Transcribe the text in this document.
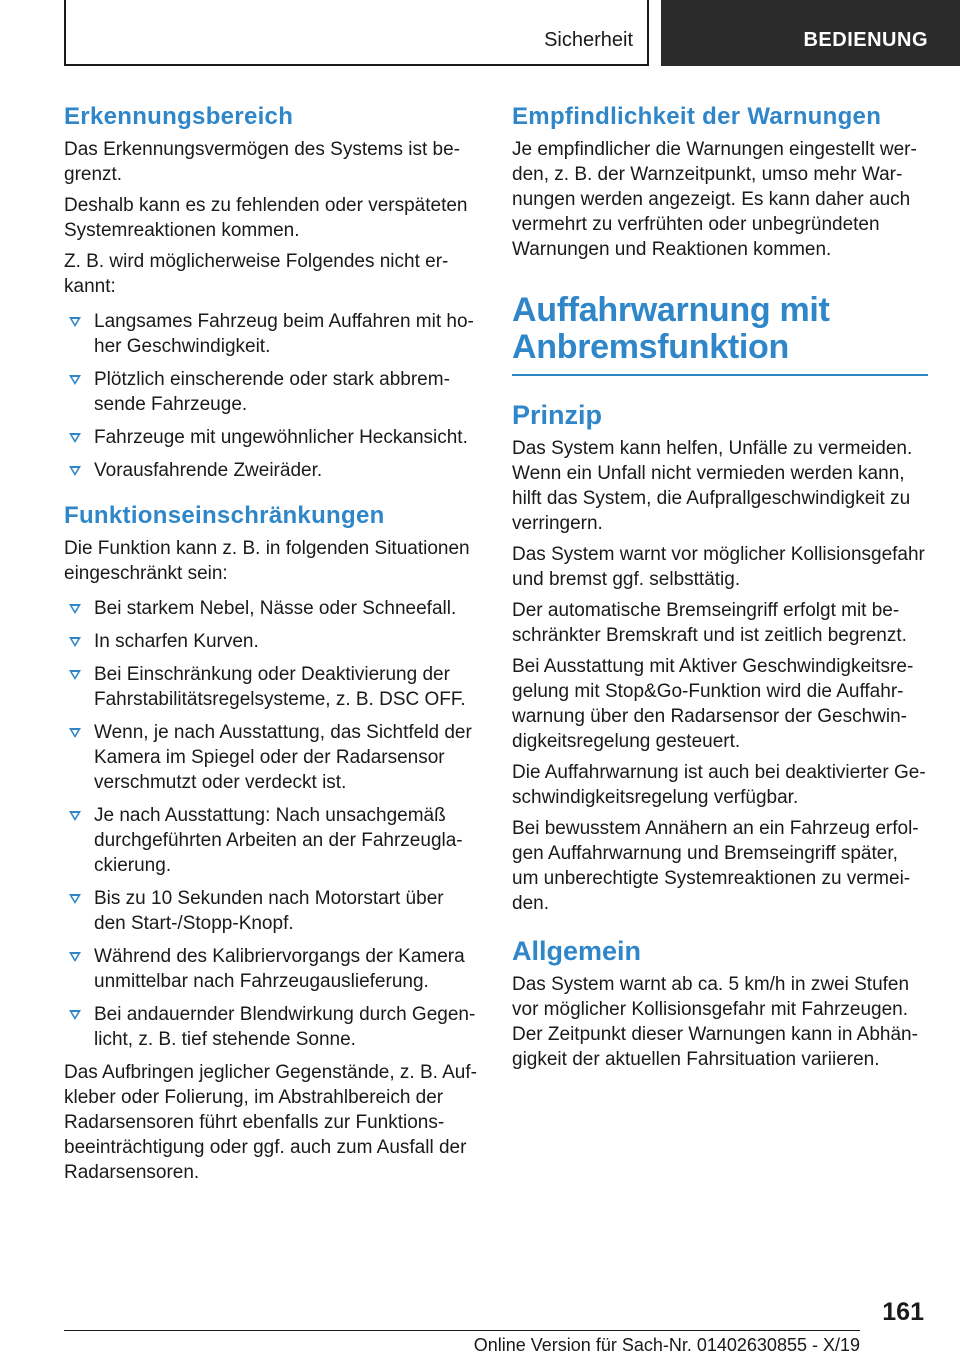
Sicherheit	BEDIENUNG
Erkennungsbereich

Das Erkennungsvermögen des Systems ist be-
grenzt.

Deshalb kann es zu fehlenden oder verspäteten
Systemreaktionen kommen.

Z. B. wird möglicherweise Folgendes nicht er-
kannt:

Langsames Fahrzeug beim Auffahren mit ho-
her Geschwindigkeit.
Plötzlich einscherende oder stark abbrem-
sende Fahrzeuge.
Fahrzeuge mit ungewöhnlicher Heckansicht.
Vorausfahrende Zweiräder.
Funktionseinschränkungen

Die Funktion kann z. B. in folgenden Situationen
eingeschränkt sein:

Bei starkem Nebel, Nässe oder Schneefall.
In scharfen Kurven.
Bei Einschränkung oder Deaktivierung der
Fahrstabilitätsregelsysteme, z. B. DSC OFF.
Wenn, je nach Ausstattung, das Sichtfeld der
Kamera im Spiegel oder der Radarsensor
verschmutzt oder verdeckt ist.
Je nach Ausstattung: Nach unsachgemäß
durchgeführten Arbeiten an der Fahrzeugla-
ckierung.
Bis zu 10 Sekunden nach Motorstart über
den Start-/Stopp-Knopf.
Während des Kalibriervorgangs der Kamera
unmittelbar nach Fahrzeugauslieferung.
Bei andauernder Blendwirkung durch Gegen-
licht, z. B. tief stehende Sonne.

Das Aufbringen jeglicher Gegenstände, z. B. Auf-
kleber oder Folierung, im Abstrahlbereich der
Radarsensoren führt ebenfalls zur Funktions-
beeinträchtigung oder ggf. auch zum Ausfall der
Radarsensoren.

Empfindlichkeit der Warnungen

Je empfindlicher die Warnungen eingestellt wer-
den, z. B. der Warnzeitpunkt, umso mehr War-
nungen werden angezeigt. Es kann daher auch
vermehrt zu verfrühten oder unbegründeten
Warnungen und Reaktionen kommen.

Auffahrwarnung mit
Anbremsfunktion
Prinzip

Das System kann helfen, Unfälle zu vermeiden.
Wenn ein Unfall nicht vermieden werden kann,
hilft das System, die Aufprallgeschwindigkeit zu
verringern.

Das System warnt vor möglicher Kollisionsgefahr
und bremst ggf. selbsttätig.

Der automatische Bremseingriff erfolgt mit be-
schränkter Bremskraft und ist zeitlich begrenzt.

Bei Ausstattung mit Aktiver Geschwindigkeitsre-
gelung mit Stop&Go-Funktion wird die Auffahr-
warnung über den Radarsensor der Geschwin-
digkeitsregelung gesteuert.

Die Auffahrwarnung ist auch bei deaktivierter Ge-
schwindigkeitsregelung verfügbar.

Bei bewusstem Annähern an ein Fahrzeug erfol-
gen Auffahrwarnung und Bremseingriff später,
um unberechtigte Systemreaktionen zu vermei-
den.

Allgemein

Das System warnt ab ca. 5 km/h in zwei Stufen
vor möglicher Kollisionsgefahr mit Fahrzeugen.
Der Zeitpunkt dieser Warnungen kann in Abhän-
gigkeit der aktuellen Fahrsituation variieren.

161
Online Version für Sach-Nr. 01402630855 - X/19
